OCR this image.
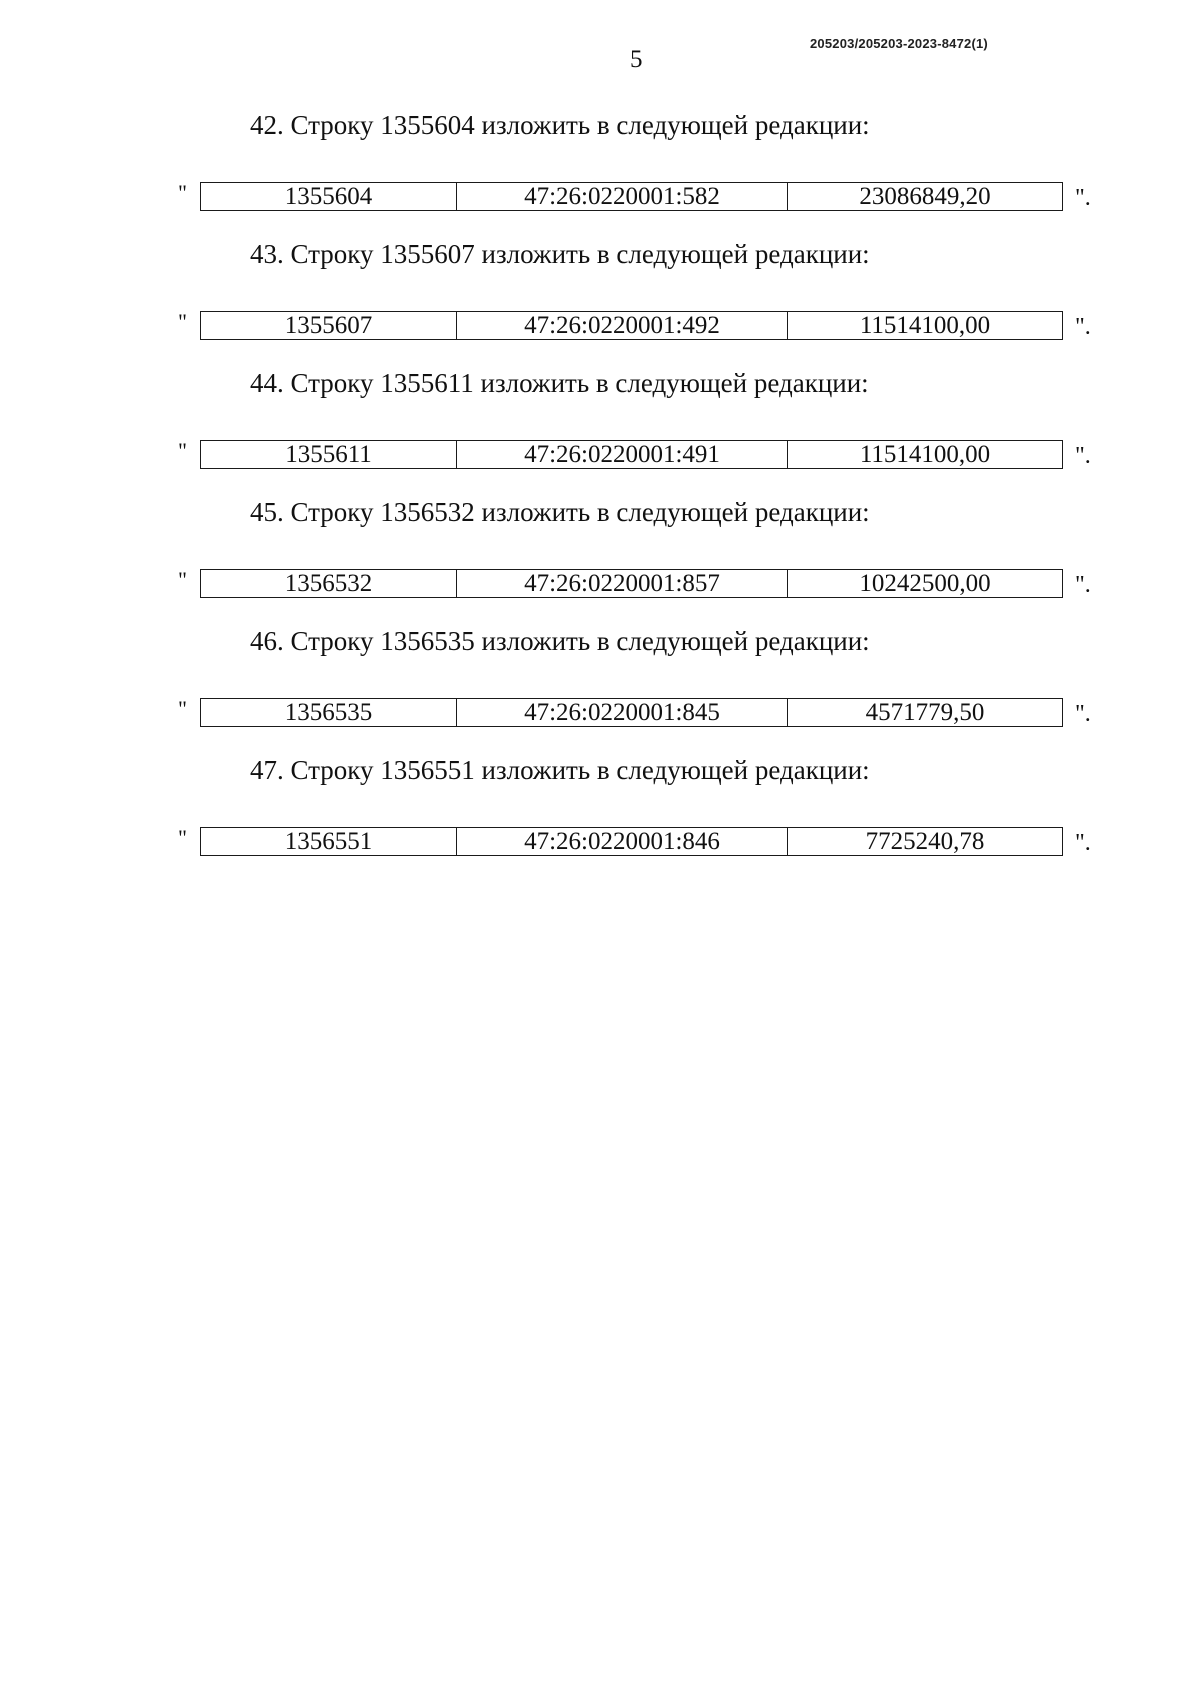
205203/205203-2023-8472(1)
5
42. Строку 1355604 изложить в следующей редакции:
"	1355604	47:26:0220001:582	23086849,20	".
43. Строку 1355607 изложить в следующей редакции:
"	1355607	47:26:0220001:492	11514100,00	".
44. Строку 1355611 изложить в следующей редакции:
"	1355611	47:26:0220001:491	11514100,00	".
45. Строку 1356532 изложить в следующей редакции:
"	1356532	47:26:0220001:857	10242500,00	".
46. Строку 1356535 изложить в следующей редакции:
"	1356535	47:26:0220001:845	4571779,50	".
47. Строку 1356551 изложить в следующей редакции:
"	1356551	47:26:0220001:846	7725240,78	".
